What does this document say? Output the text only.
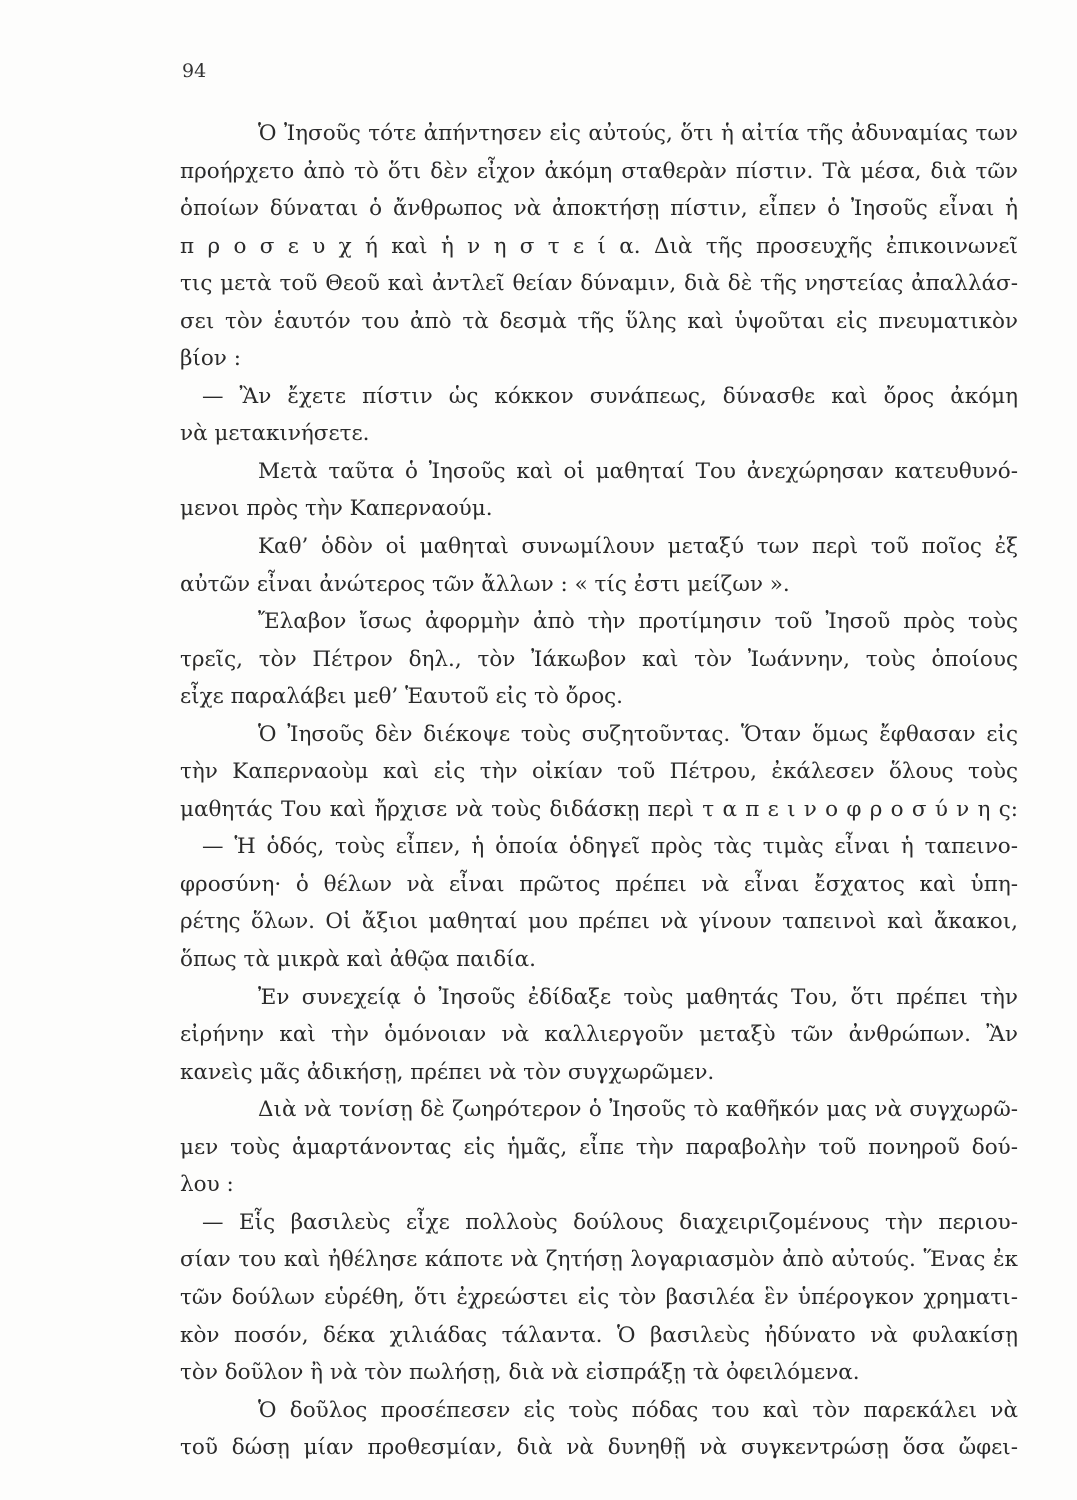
94
Ὁ Ἰησοῦς τότε ἀπήντησεν εἰς αὐτούς, ὅτι ἡ αἰτία τῆς ἀδυναμίας των
προήρχετο ἀπὸ τὸ ὅτι δὲν εἶχον ἀκόμη σταθερὰν πίστιν. Τὰ μέσα, διὰ τῶν
ὁποίων δύναται ὁ ἄνθρωπος νὰ ἀποκτήσῃ πίστιν, εἶπεν ὁ Ἰησοῦς εἶναι ἡ
π ρ ο σ ε υ χ ή καὶ ἡ ν η σ τ ε ί α. Διὰ τῆς προσευχῆς ἐπικοινωνεῖ
τις μετὰ τοῦ Θεοῦ καὶ ἀντλεῖ θείαν δύναμιν, διὰ δὲ τῆς νηστείας ἀπαλλάσ-
σει τὸν ἑαυτόν του ἀπὸ τὰ δεσμὰ τῆς ὕλης καὶ ὑψοῦται εἰς πνευματικὸν
βίον :
— Ἂν ἔχετε πίστιν ὡς κόκκον συνάπεως, δύνασθε καὶ ὄρος ἀκόμη
νὰ μετακινήσετε.
Μετὰ ταῦτα ὁ Ἰησοῦς καὶ οἱ μαθηταί Του ἀνεχώρησαν κατευθυνό-
μενοι πρὸς τὴν Καπερναούμ.
Καθ’ ὁδὸν οἱ μαθηταὶ συνωμίλουν μεταξύ των περὶ τοῦ ποῖος ἐξ
αὐτῶν εἶναι ἀνώτερος τῶν ἄλλων : « τίς ἐστι μείζων ».
Ἔλαβον ἴσως ἀφορμὴν ἀπὸ τὴν προτίμησιν τοῦ Ἰησοῦ πρὸς τοὺς
τρεῖς, τὸν Πέτρον δηλ., τὸν Ἰάκωβον καὶ τὸν Ἰωάννην, τοὺς ὁποίους
εἶχε παραλάβει μεθ’ Ἑαυτοῦ εἰς τὸ ὄρος.
Ὁ Ἰησοῦς δὲν διέκοψε τοὺς συζητοῦντας. Ὅταν ὅμως ἔφθασαν εἰς
τὴν Καπερναοὺμ καὶ εἰς τὴν οἰκίαν τοῦ Πέτρου, ἐκάλεσεν ὅλους τοὺς
μαθητάς Του καὶ ἤρχισε νὰ τοὺς διδάσκῃ περὶ τ α π ε ι ν ο φ ρ ο σ ύ ν η ς:
— Ἡ ὁδός, τοὺς εἶπεν, ἡ ὁποία ὁδηγεῖ πρὸς τὰς τιμὰς εἶναι ἡ ταπεινο-
φροσύνη· ὁ θέλων νὰ εἶναι πρῶτος πρέπει νὰ εἶναι ἔσχατος καὶ ὑπη-
ρέτης ὅλων. Οἱ ἄξιοι μαθηταί μου πρέπει νὰ γίνουν ταπεινοὶ καὶ ἄκακοι,
ὅπως τὰ μικρὰ καὶ ἀθῷα παιδία.
Ἐν συνεχείᾳ ὁ Ἰησοῦς ἐδίδαξε τοὺς μαθητάς Του, ὅτι πρέπει τὴν
εἰρήνην καὶ τὴν ὁμόνοιαν νὰ καλλιεργοῦν μεταξὺ τῶν ἀνθρώπων. Ἂν
κανεὶς μᾶς ἀδικήσῃ, πρέπει νὰ τὸν συγχωρῶμεν.
Διὰ νὰ τονίσῃ δὲ ζωηρότερον ὁ Ἰησοῦς τὸ καθῆκόν μας νὰ συγχωρῶ-
μεν τοὺς ἁμαρτάνοντας εἰς ἡμᾶς, εἶπε τὴν παραβολὴν τοῦ πονηροῦ δού-
λου :
— Εἷς βασιλεὺς εἶχε πολλοὺς δούλους διαχειριζομένους τὴν περιου-
σίαν του καὶ ἠθέλησε κάποτε νὰ ζητήσῃ λογαριασμὸν ἀπὸ αὐτούς. Ἕνας ἐκ
τῶν δούλων εὑρέθη, ὅτι ἐχρεώστει εἰς τὸν βασιλέα ἓν ὑπέρογκον χρηματι-
κὸν ποσόν, δέκα χιλιάδας τάλαντα. Ὁ βασιλεὺς ἠδύνατο νὰ φυλακίσῃ
τὸν δοῦλον ἢ νὰ τὸν πωλήσῃ, διὰ νὰ εἰσπράξῃ τὰ ὀφειλόμενα.
Ὁ δοῦλος προσέπεσεν εἰς τοὺς πόδας του καὶ τὸν παρεκάλει νὰ
τοῦ δώσῃ μίαν προθεσμίαν, διὰ νὰ δυνηθῇ νὰ συγκεντρώσῃ ὅσα ὤφει-
